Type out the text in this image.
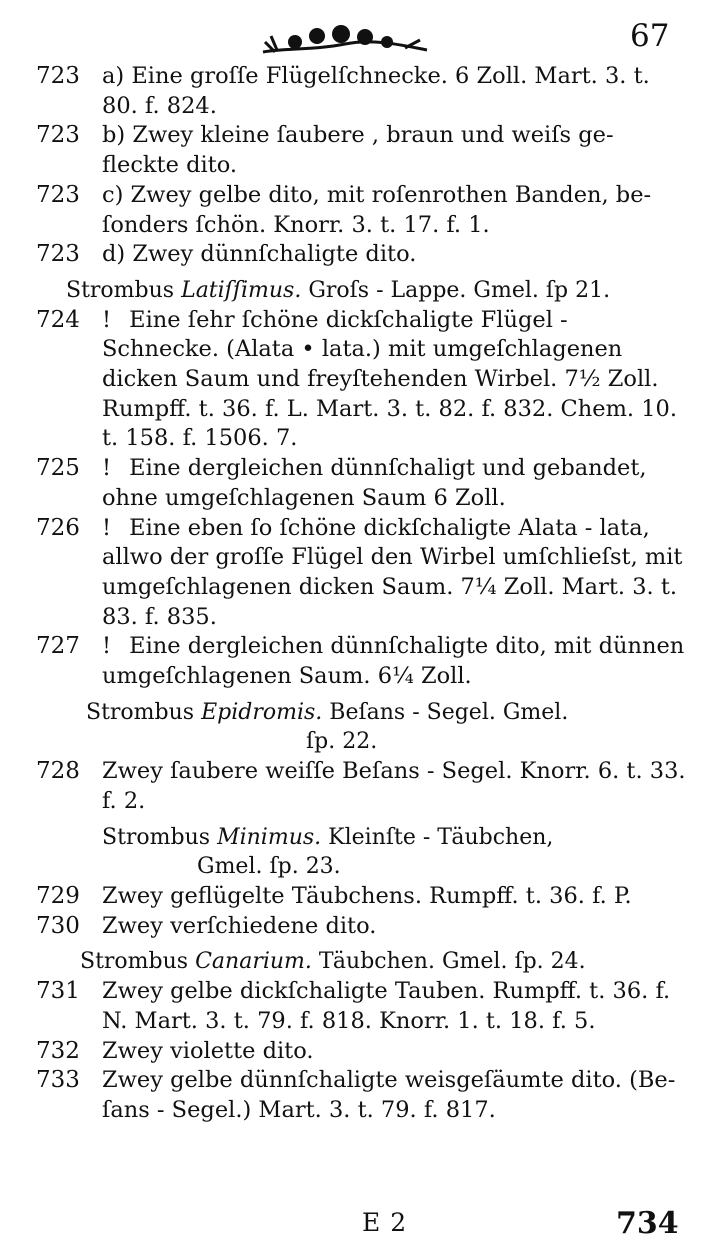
67
723 a) Eine groſſe Flügelſchnecke. 6 Zoll. Mart. 3. t. 80. f. 824.
723 b) Zwey kleine ſaubere , braun und weiſs ge- fleckte dito.
723 c) Zwey gelbe dito, mit roſenrothen Banden, be- ſonders ſchön. Knorr. 3. t. 17. f. 1.
723 d) Zwey dünnſchaligte dito.
Strombus Latiſſimus. Groſs - Lappe. Gmel. ſp 21.
724 ! Eine ſehr ſchöne dickſchaligte Flügel - Schnecke. (Alata • lata.) mit umgeſchlagenen dicken Saum und freyſtehenden Wirbel. 7½ Zoll. Rumpff. t. 36. f. L. Mart. 3. t. 82. f. 832. Chem. 10. t. 158. f. 1506. 7.
725 ! Eine dergleichen dünnſchaligt und gebandet, ohne umgeſchlagenen Saum 6 Zoll.
726 ! Eine eben ſo ſchöne dickſchaligte Alata - lata, allwo der groſſe Flügel den Wirbel umſchlieſst, mit umgeſchlagenen dicken Saum. 7¼ Zoll. Mart. 3. t. 83. f. 835.
727 ! Eine dergleichen dünnſchaligte dito, mit dünnen umgeſchlagenen Saum. 6¼ Zoll.
Strombus Epidromis. Beſans - Segel. Gmel.
ſp. 22.
728 Zwey ſaubere weiſſe Beſans - Segel. Knorr. 6. t. 33. f. 2.
Strombus Minimus. Kleinſte - Täubchen,
Gmel. ſp. 23.
729 Zwey geflügelte Täubchens. Rumpff. t. 36. f. P.
730 Zwey verſchiedene dito.
Strombus Canarium. Täubchen. Gmel. ſp. 24.
731 Zwey gelbe dickſchaligte Tauben. Rumpff. t. 36. f. N. Mart. 3. t. 79. f. 818. Knorr. 1. t. 18. f. 5.
732 Zwey violette dito.
733 Zwey gelbe dünnſchaligte weisgeſäumte dito. (Be- ſans - Segel.) Mart. 3. t. 79. f. 817.
E 2	734
